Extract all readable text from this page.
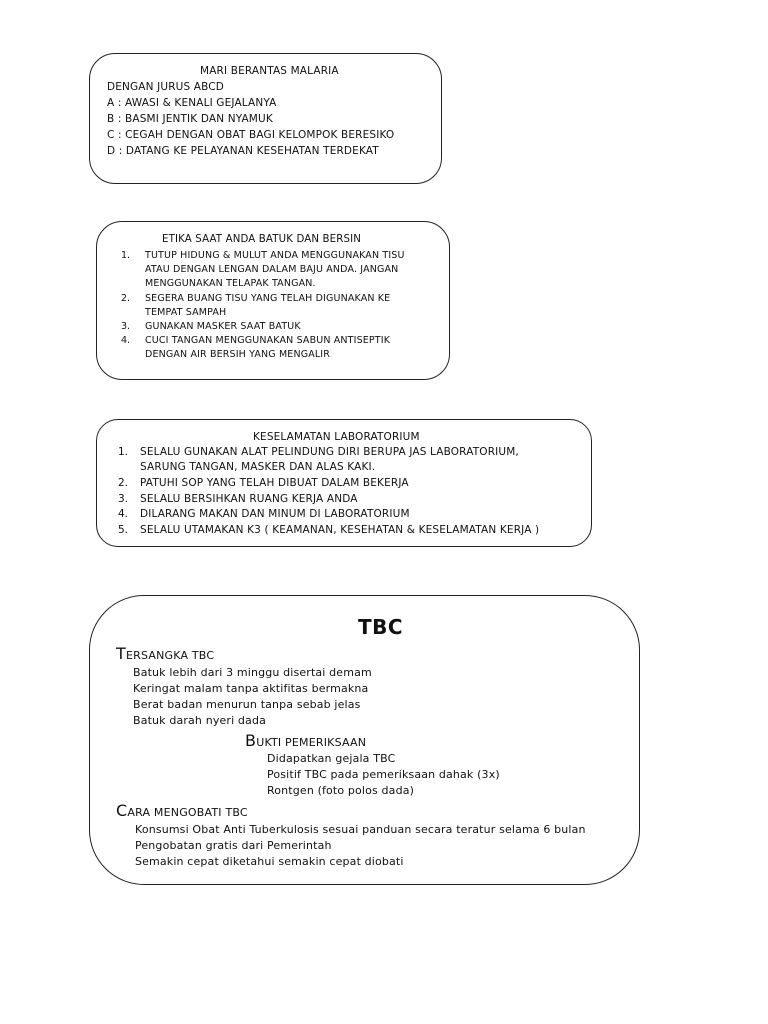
MARI BERANTAS MALARIA
DENGAN JURUS ABCD
A : AWASI & KENALI GEJALANYA
B : BASMI JENTIK DAN NYAMUK
C : CEGAH DENGAN OBAT BAGI KELOMPOK BERESIKO
D : DATANG KE PELAYANAN KESEHATAN TERDEKAT
ETIKA SAAT ANDA BATUK DAN BERSIN
1. TUTUP HIDUNG & MULUT ANDA MENGGUNAKAN TISU
ATAU DENGAN LENGAN DALAM BAJU ANDA. JANGAN
MENGGUNAKAN TELAPAK TANGAN.
2. SEGERA BUANG TISU YANG TELAH DIGUNAKAN KE
TEMPAT SAMPAH
3. GUNAKAN MASKER SAAT BATUK
4. CUCI TANGAN MENGGUNAKAN SABUN ANTISEPTIK
DENGAN AIR BERSIH YANG MENGALIR
KESELAMATAN LABORATORIUM
1. SELALU GUNAKAN ALAT PELINDUNG DIRI BERUPA JAS LABORATORIUM,
SARUNG TANGAN, MASKER DAN ALAS KAKI.
2. PATUHI SOP YANG TELAH DIBUAT DALAM BEKERJA
3. SELALU BERSIHKAN RUANG KERJA ANDA
4. DILARANG MAKAN DAN MINUM DI LABORATORIUM
5. SELALU UTAMAKAN K3 ( KEAMANAN, KESEHATAN & KESELAMATAN KERJA )
TBC
TERSANGKA TBC
Batuk lebih dari 3 minggu disertai demam
Keringat malam tanpa aktifitas bermakna
Berat badan menurun tanpa sebab jelas
Batuk darah nyeri dada
BUKTI PEMERIKSAAN
Didapatkan gejala TBC
Positif TBC pada pemeriksaan dahak (3x)
Rontgen (foto polos dada)
CARA MENGOBATI TBC
Konsumsi Obat Anti Tuberkulosis sesuai panduan secara teratur selama 6 bulan
Pengobatan gratis dari Pemerintah
Semakin cepat diketahui semakin cepat diobati
